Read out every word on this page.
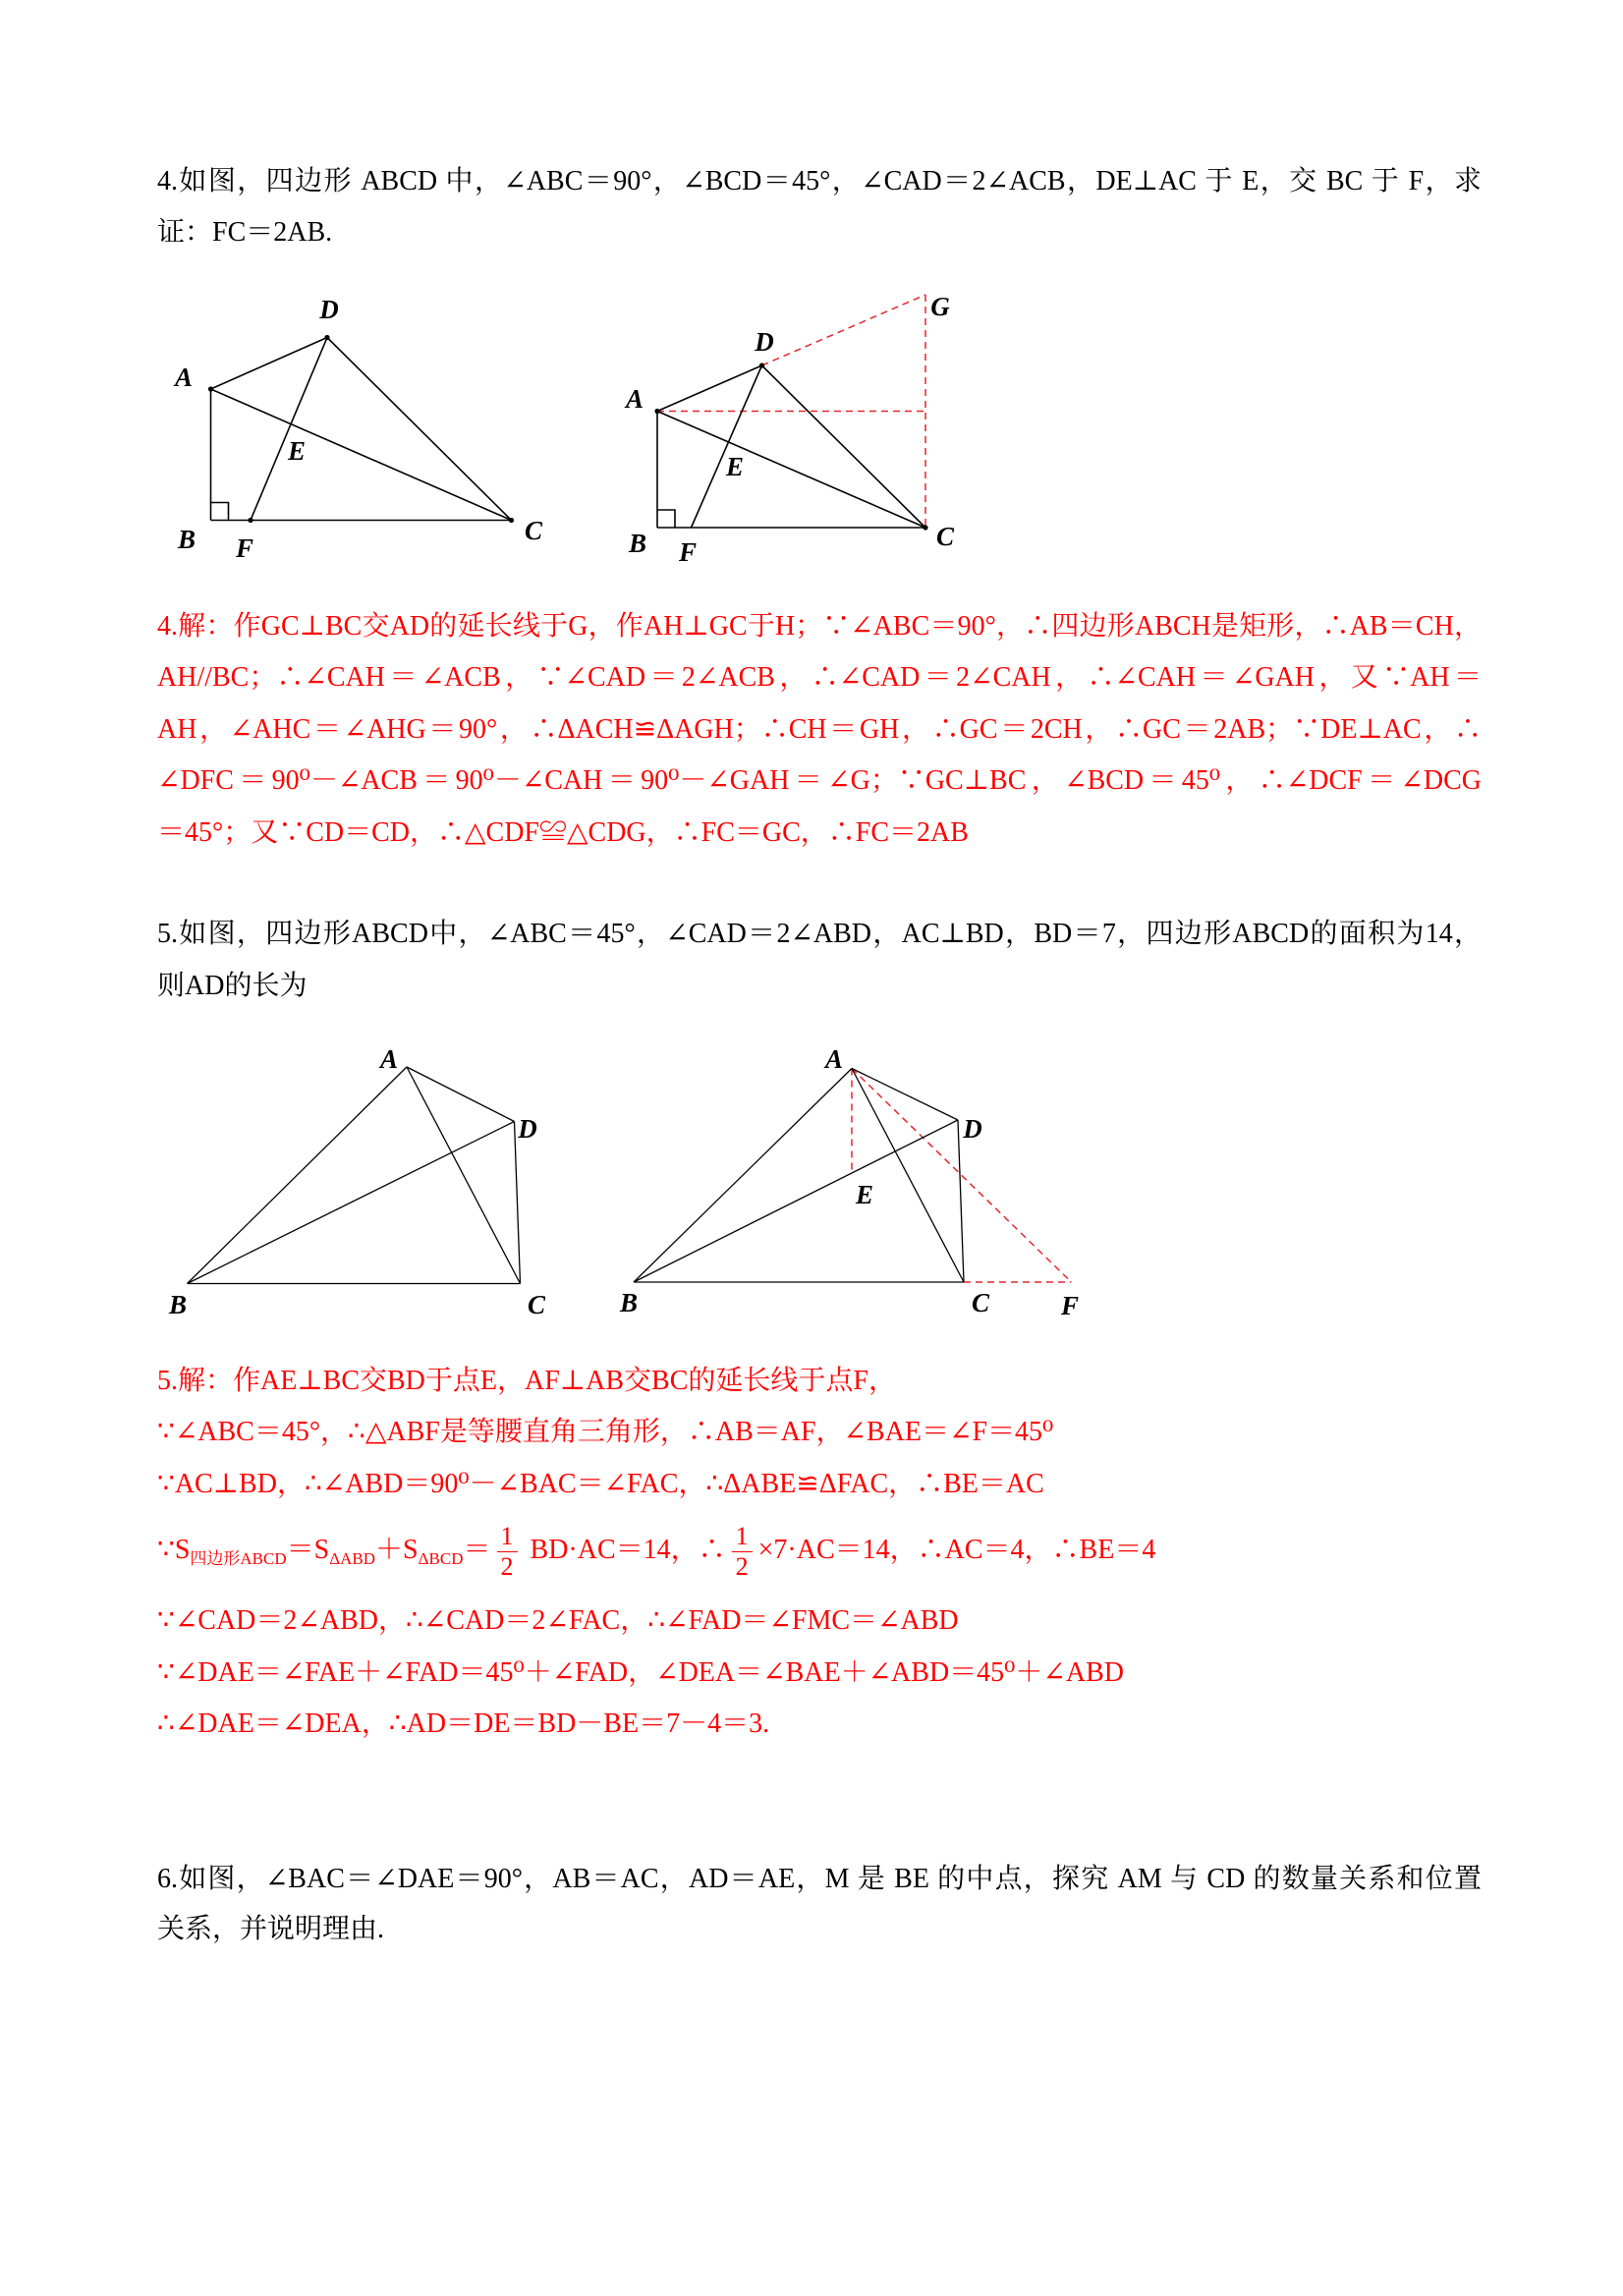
4.如图，四边形 ABCD 中，∠ABC＝90°，∠BCD＝45°，∠CAD＝2∠ACB，DE⊥AC 于 E，交 BC 于 F，求
证：FC＝2AB.
4.解：作GC⊥BC交AD的延长线于G，作AH⊥GC于H；∵∠ABC＝90°，∴四边形ABCH是矩形，∴AB＝CH，
AH//BC；∴∠CAH＝∠ACB，∵∠CAD＝2∠ACB，∴∠CAD＝2∠CAH，∴∠CAH＝∠GAH，又∵AH＝
AH，∠AHC＝∠AHG＝90°，∴ΔACH≌ΔAGH；∴CH＝GH，∴GC＝2CH，∴GC＝2AB；∵DE⊥AC，∴
∠DFC＝90⁰－∠ACB＝90⁰－∠CAH＝90⁰－∠GAH＝∠G；∵GC⊥BC，∠BCD＝45⁰，∴∠DCF＝∠DCG
＝45°；又∵CD＝CD，∴△CDF≌△CDG，∴FC＝GC，∴FC＝2AB
5.如图，四边形ABCD中，∠ABC＝45°，∠CAD＝2∠ABD，AC⊥BD，BD＝7，四边形ABCD的面积为14，
则AD的长为
5.解：作AE⊥BC交BD于点E，AF⊥AB交BC的延长线于点F，
∵∠ABC＝45°，∴△ABF是等腰直角三角形，∴AB＝AF，∠BAE＝∠F＝45⁰
∵AC⊥BD，∴∠ABD＝90⁰－∠BAC＝∠FAC，∴ΔABE≌ΔFAC，∴BE＝AC
$\because S_{四边形ABCD}=S_{\Delta ABD}+S_{\Delta BCD}= \frac{1}{2} BD\cdot AC=14$，∴ $\frac{1}{2} \times 7\cdot AC=14$，∴AC＝4，∴BE＝4
∵∠CAD＝2∠ABD，∴∠CAD＝2∠FAC，∴∠FAD＝∠FMC＝∠ABD
∵∠DAE＝∠FAE＋∠FAD＝45⁰＋∠FAD，∠DEA＝∠BAE＋∠ABD＝45⁰＋∠ABD
∴∠DAE＝∠DEA，∴AD＝DE＝BD－BE＝7－4＝3.
6.如图，∠BAC＝∠DAE＝90°，AB＝AC，AD＝AE，M 是 BE 的中点，探究 AM 与 CD 的数量关系和位置
关系，并说明理由.
A
D
E
B F
C
A
D
G
E
B F
C
A
D
B	C
A
D
E
B	C	F
